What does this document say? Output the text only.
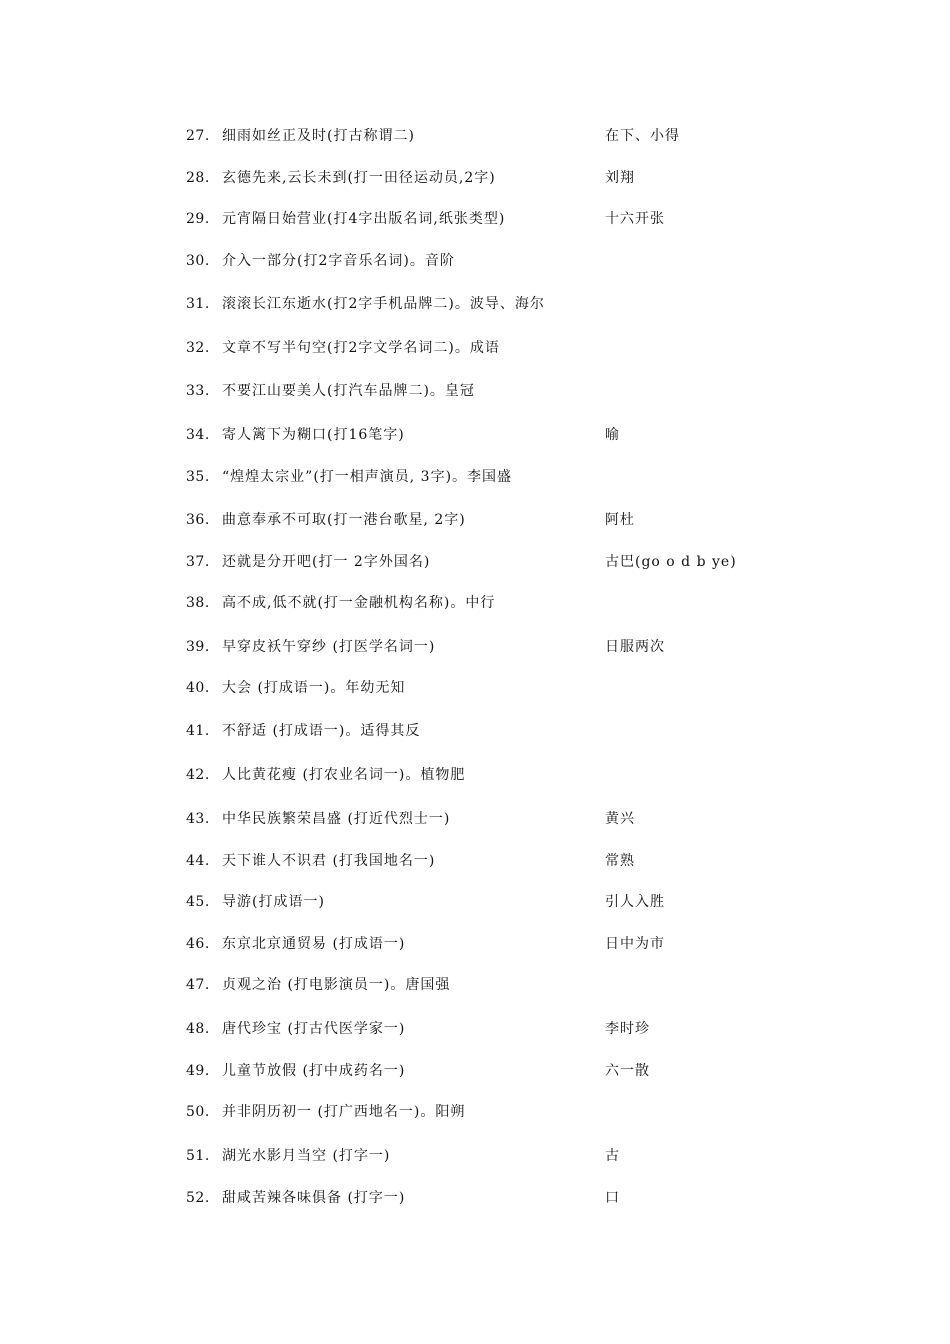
27. 细雨如丝正及时(打古称谓二)	在下、小得
28. 玄德先来,云长未到(打一田径运动员,2字)	刘翔
29. 元宵隔日始营业(打4字出版名词,纸张类型)	十六开张
30. 介入一部分(打2字音乐名词)。音阶
31. 滚滚长江东逝水(打2字手机品牌二)。波导、海尔
32. 文章不写半句空(打2字文学名词二)。成语
33. 不要江山要美人(打汽车品牌二)。皇冠
34. 寄人篱下为糊口(打16笔字)	喻
35. “煌煌太宗业”(打一相声演员, 3字)。李国盛
36. 曲意奉承不可取(打一港台歌星, 2字)	阿杜
37. 还就是分开吧(打一 2字外国名)	古巴(go o d b ye)
38. 高不成,低不就(打一金融机构名称)。中行
39. 早穿皮袄午穿纱 (打医学名词一)	日服两次
40. 大会 (打成语一)。年幼无知
41. 不舒适 (打成语一)。适得其反
42. 人比黄花瘦 (打农业名词一)。植物肥
43. 中华民族繁荣昌盛 (打近代烈士一)	黄兴
44. 天下谁人不识君 (打我国地名一)	常熟
45. 导游(打成语一)	引人入胜
46. 东京北京通贸易 (打成语一)	日中为市
47. 贞观之治 (打电影演员一)。唐国强
48. 唐代珍宝 (打古代医学家一)	李时珍
49. 儿童节放假 (打中成药名一)	六一散
50. 并非阴历初一 (打广西地名一)。阳朔
51. 湖光水影月当空 (打字一)	古
52. 甜咸苦辣各味俱备 (打字一)	口
